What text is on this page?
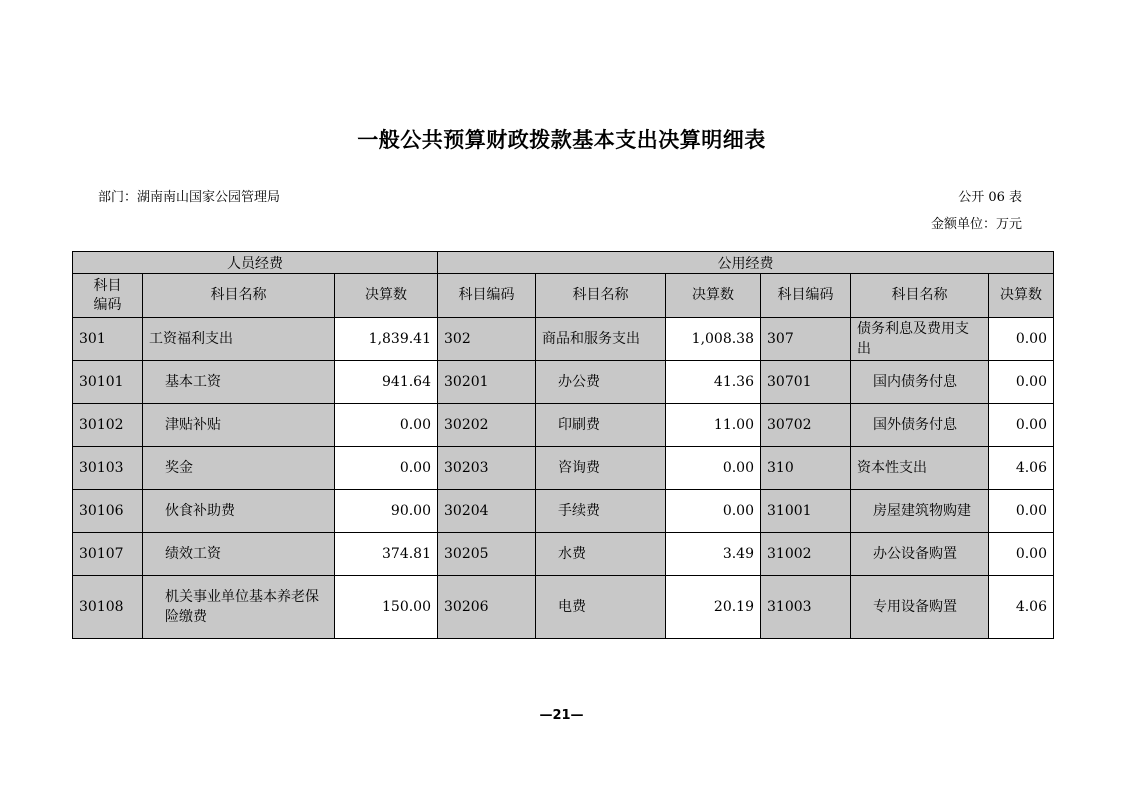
一般公共预算财政拨款基本支出决算明细表
部门：湖南南山国家公园管理局	公开 06 表
金额单位：万元
人员经费			公用经费					
科目
编码	科目名称	决算数	科目编码	科目名称	决算数	科目编码	科目名称	决算数
301	工资福利支出	1,839.41	302	商品和服务支出	1,008.38	307	债务利息及费用支出	0.00
30101	基本工资	941.64	30201	办公费	41.36	30701	国内债务付息	0.00
30102	津贴补贴	0.00	30202	印刷费	11.00	30702	国外债务付息	0.00
30103	奖金	0.00	30203	咨询费	0.00	310	资本性支出	4.06
30106	伙食补助费	90.00	30204	手续费	0.00	31001	房屋建筑物购建	0.00
30107	绩效工资	374.81	30205	水费	3.49	31002	办公设备购置	0.00
30108	机关事业单位基本养老保险缴费	150.00	30206	电费	20.19	31003	专用设备购置	4.06
—21—
